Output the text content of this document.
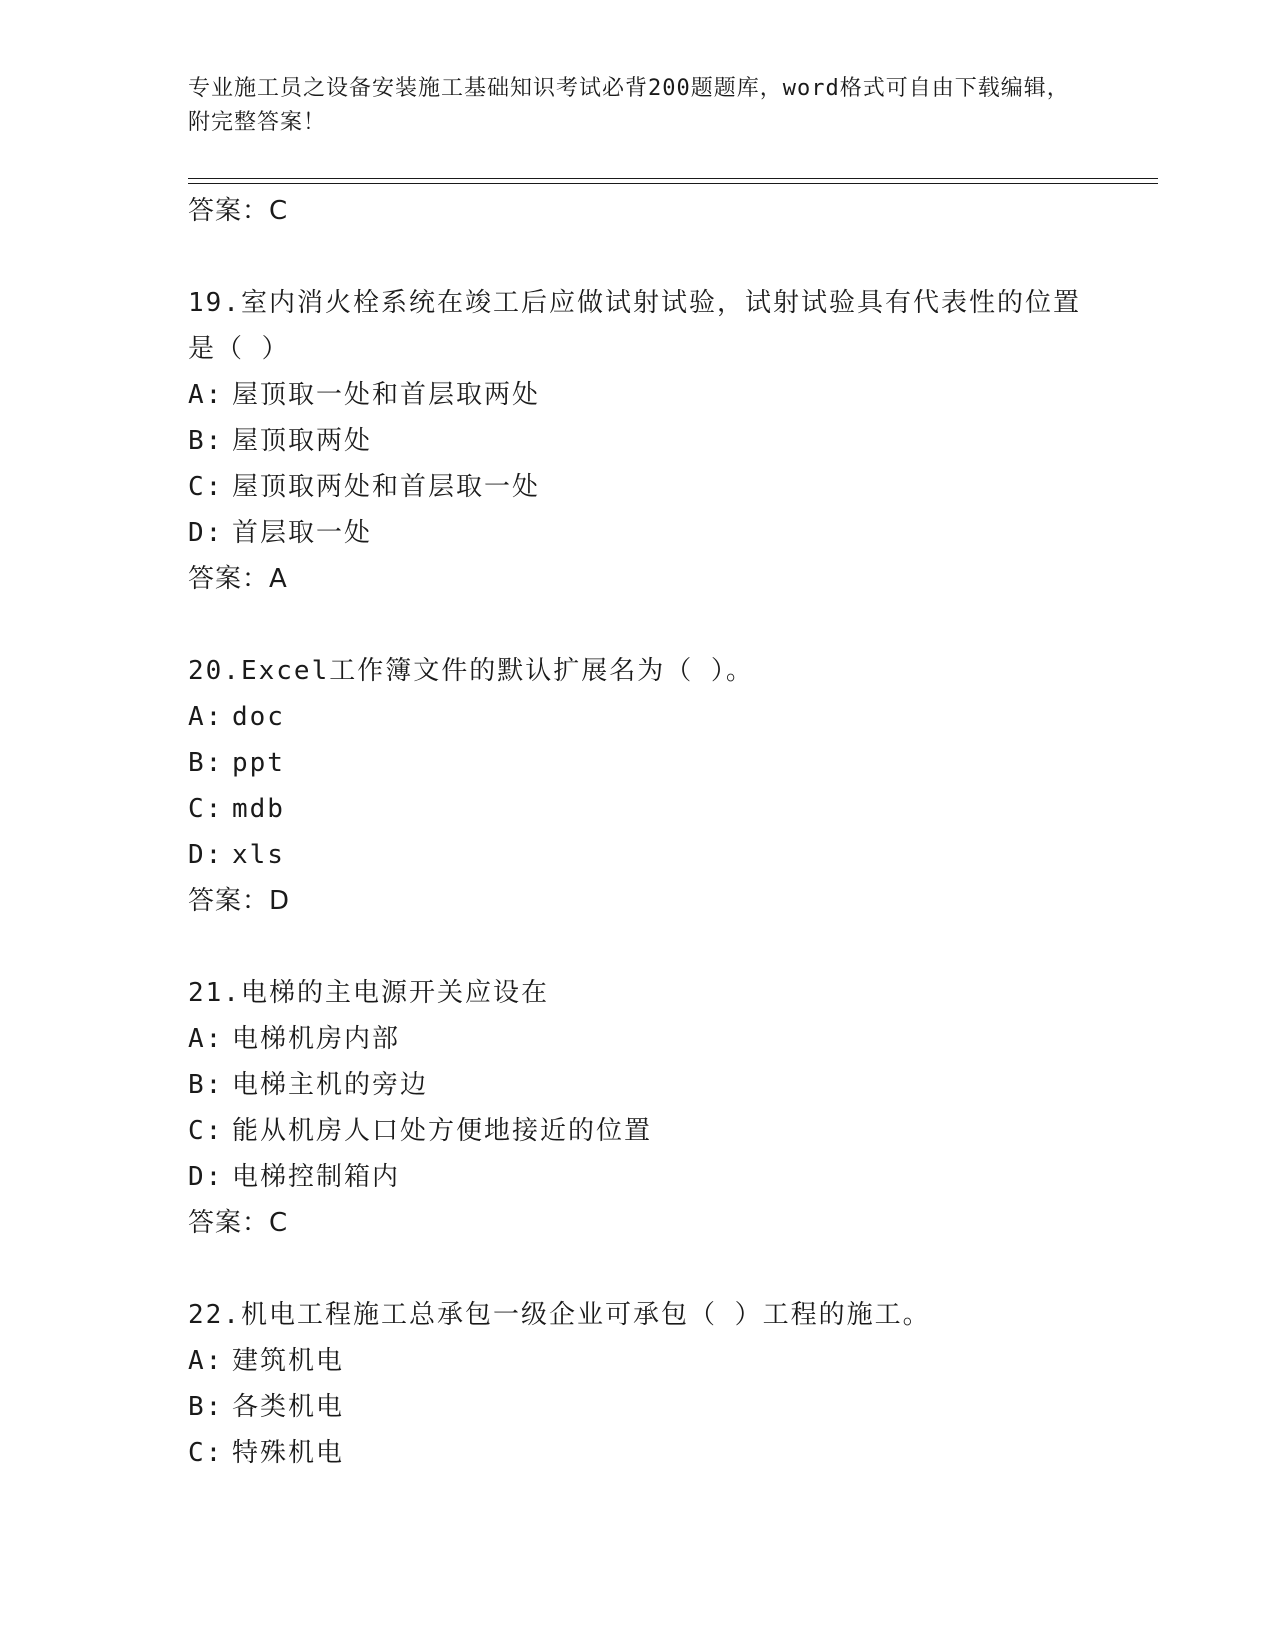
专业施工员之设备安装施工基础知识考试必背200题题库，word格式可自由下载编辑，附完整答案！
答案：C
19.室内消火栓系统在竣工后应做试射试验，试射试验具有代表性的位置是（ ）
A: 屋顶取一处和首层取两处
B: 屋顶取两处
C: 屋顶取两处和首层取一处
D: 首层取一处
答案：A
20.Excel工作簿文件的默认扩展名为（ ）。
A: doc
B: ppt
C: mdb
D: xls
答案：D
21.电梯的主电源开关应设在
A: 电梯机房内部
B: 电梯主机的旁边
C: 能从机房人口处方便地接近的位置
D: 电梯控制箱内
答案：C
22.机电工程施工总承包一级企业可承包（ ）工程的施工。
A: 建筑机电
B: 各类机电
C: 特殊机电
